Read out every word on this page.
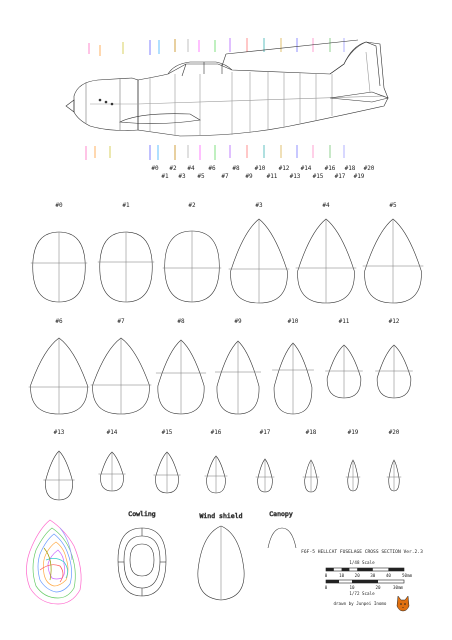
#0 #2 #4 #6	#8 #10 #12 #14 #16 #18 #20
#1 #3 #5	#7	#9 #11 #13 #15 #17 #19
#0	#1	#2	#3	#4	#5
#6	#7	#8	#9	#10	#11	#12
#13	#14	#15	#16	#17	#18	#19	#20
Cowling	Wind shield	Canopy
F6F-5 HELLCAT FUSELAGE CROSS SECTION Ver.2.3
1/48 Scale
0	10	20	30	40	50mm
0	10	20	30mm
1/72 Scale
drawn by Junpei Inomo
